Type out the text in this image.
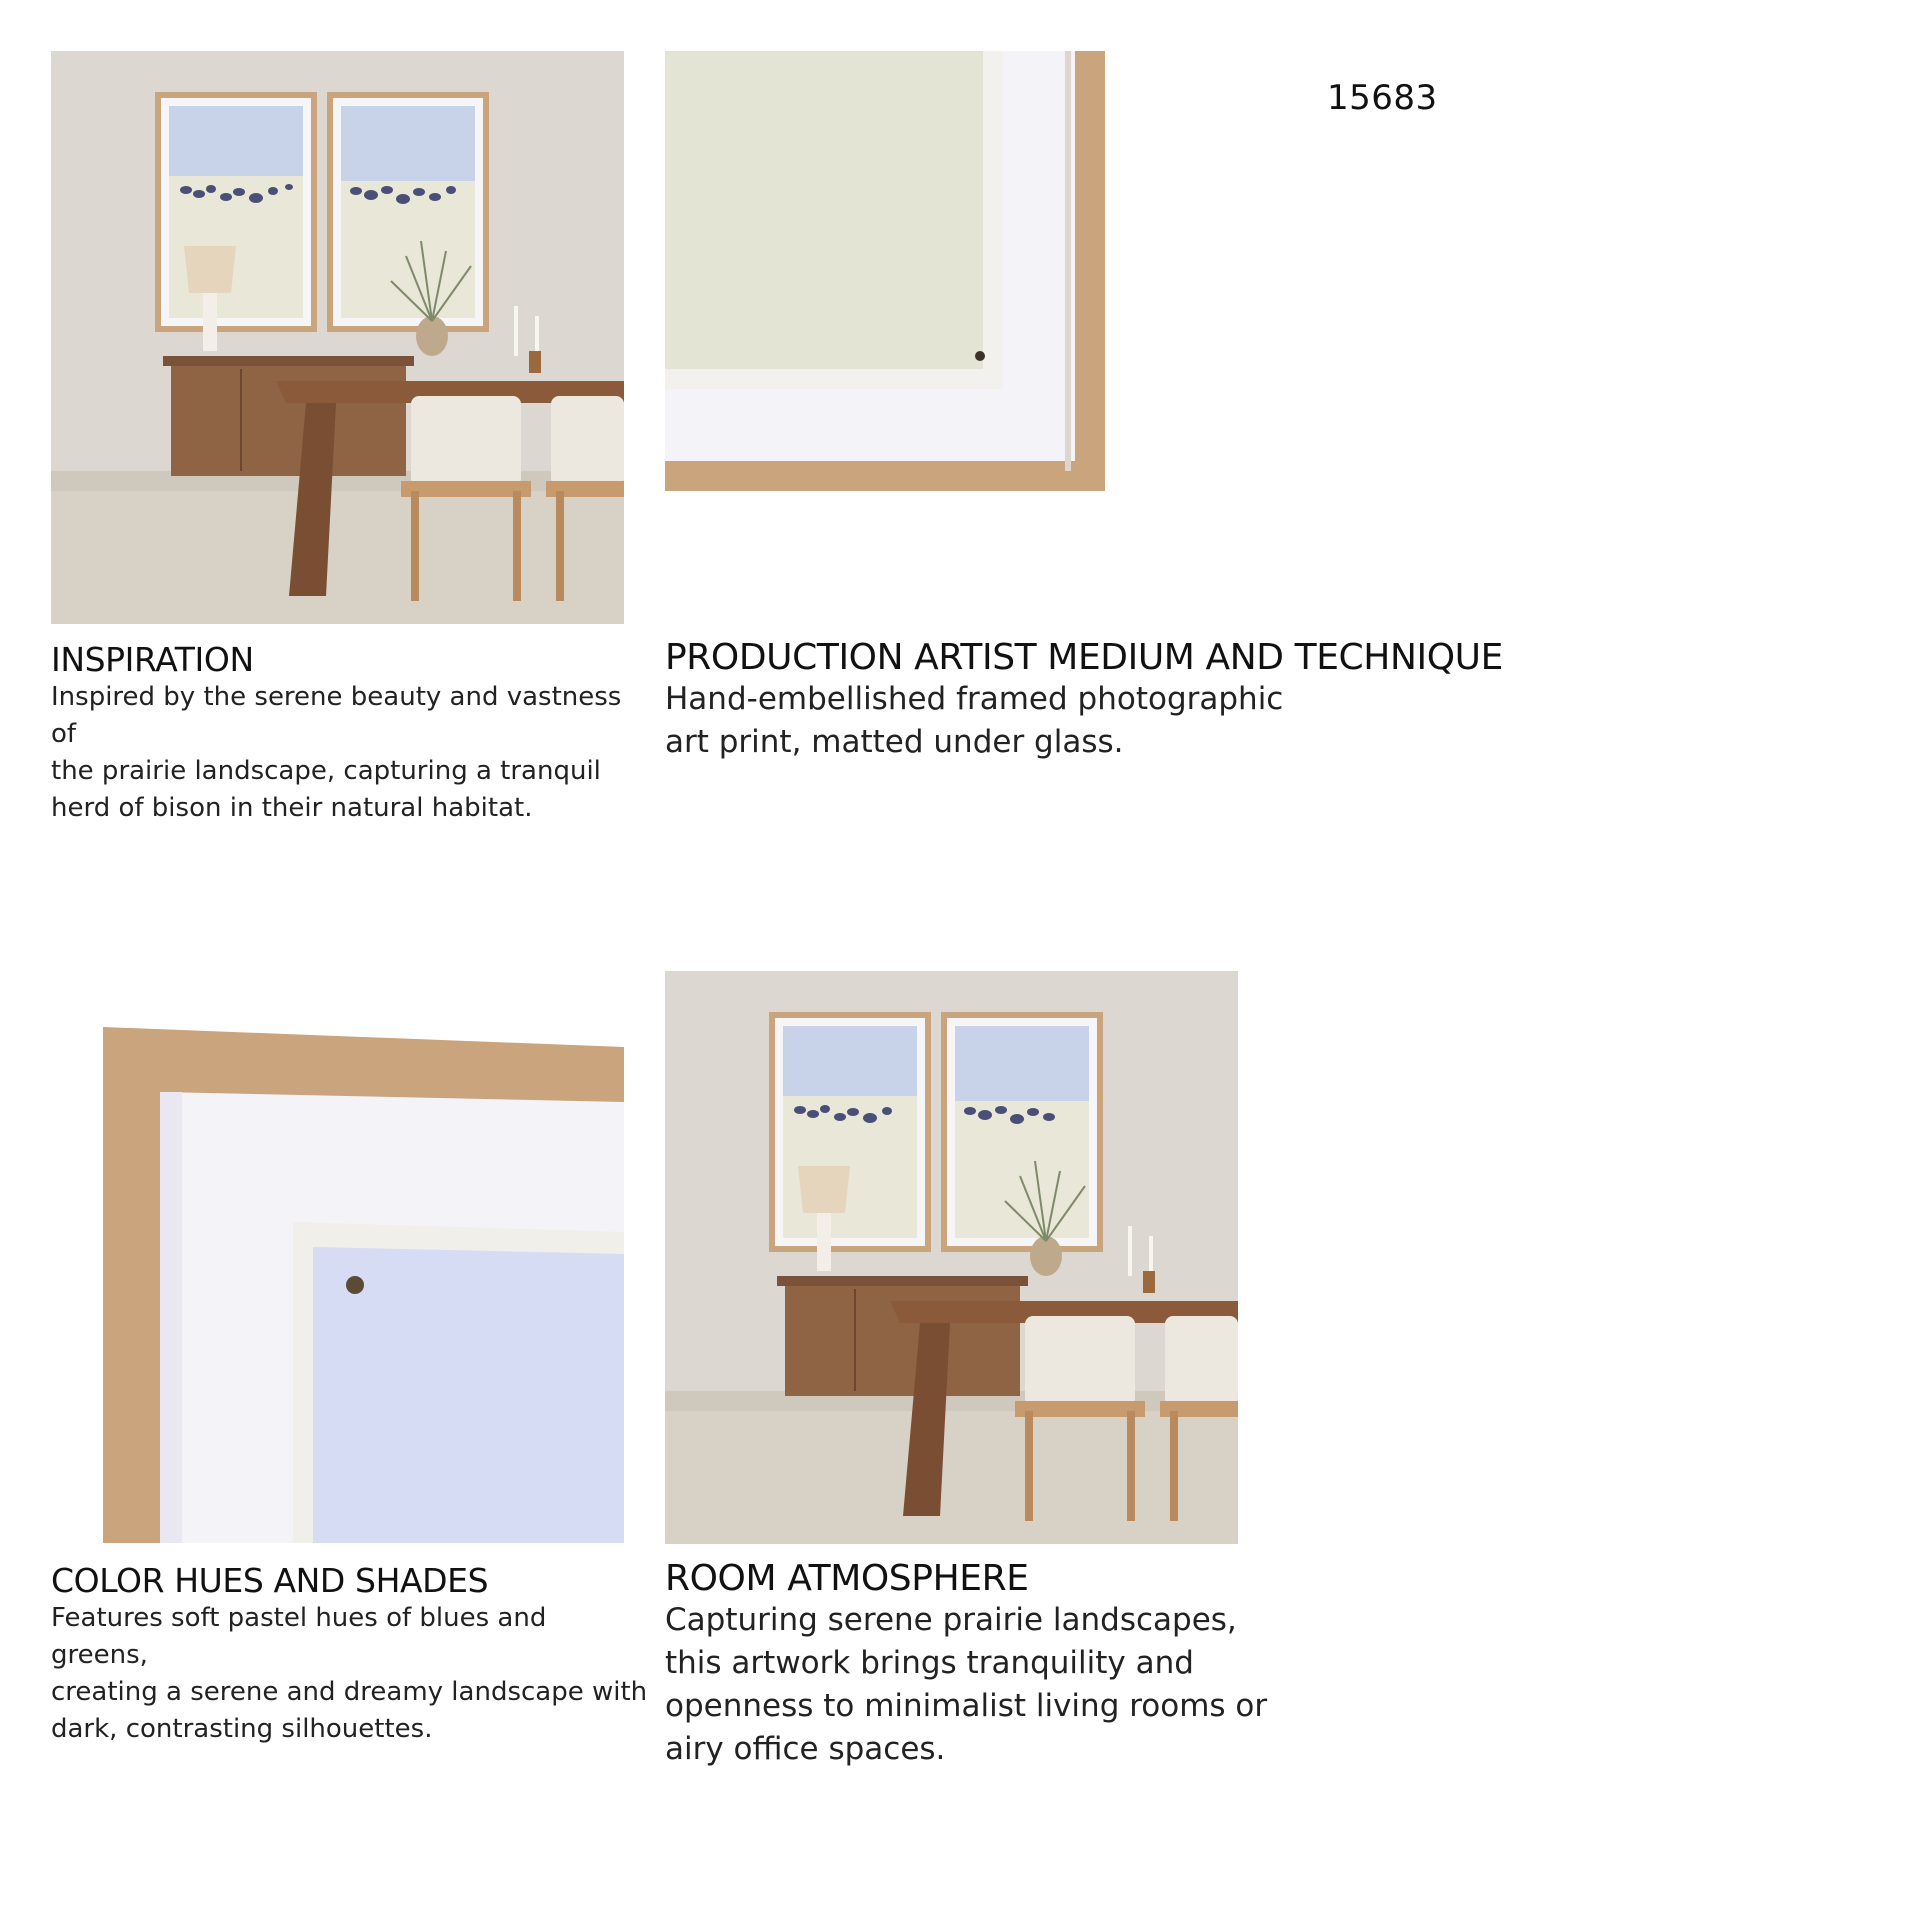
15683
INSPIRATION

Inspired by the serene beauty and vastness of

the prairie landscape, capturing a tranquil

herd of bison in their natural habitat.

PRODUCTION ARTIST MEDIUM AND TECHNIQUE

Hand-embellished framed photographic

art print, matted under glass.

COLOR HUES AND SHADES

Features soft pastel hues of blues and greens,

creating a serene and dreamy landscape with

dark, contrasting silhouettes.

ROOM ATMOSPHERE

Capturing serene prairie landscapes,

this artwork brings tranquility and

openness to minimalist living rooms or

airy office spaces.
